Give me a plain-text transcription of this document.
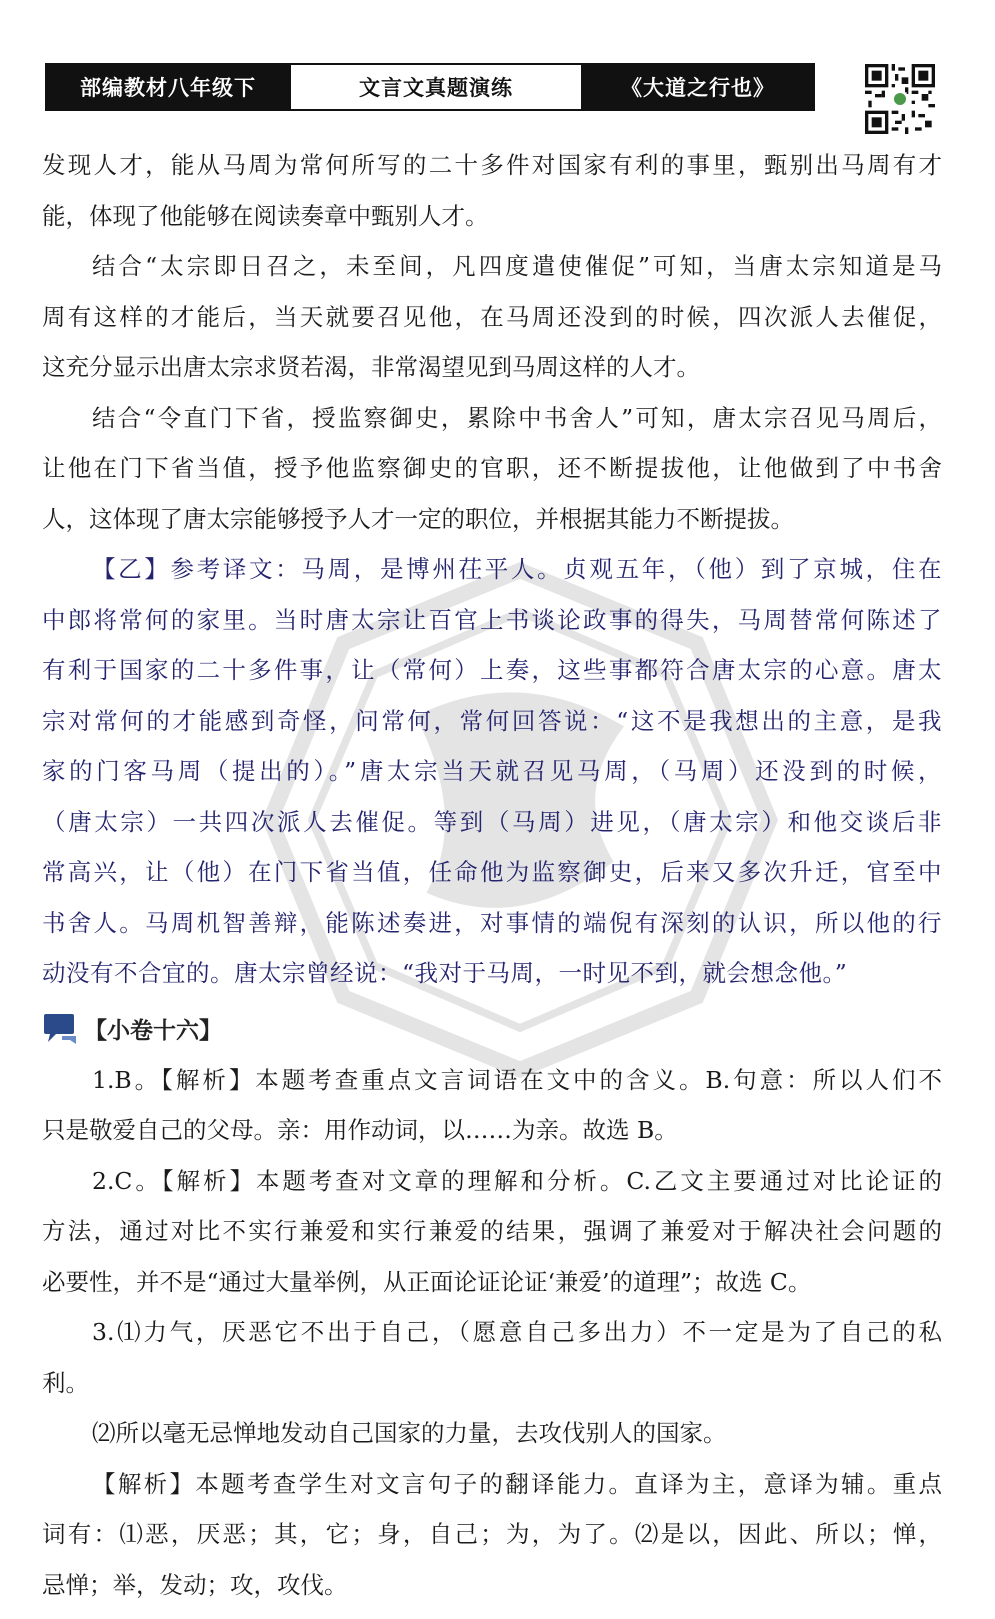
部编教材八年级下	文言文真题演练	《大道之行也》
发现人才，能从马周为常何所写的二十多件对国家有利的事里，甄别出马周有才
能，体现了他能够在阅读奏章中甄别人才。
结合“太宗即日召之，未至间，凡四度遣使催促”可知，当唐太宗知道是马
周有这样的才能后，当天就要召见他，在马周还没到的时候，四次派人去催促，
这充分显示出唐太宗求贤若渴，非常渴望见到马周这样的人才。
结合“令直门下省，授监察御史，累除中书舍人”可知，唐太宗召见马周后，
让他在门下省当值，授予他监察御史的官职，还不断提拔他，让他做到了中书舍
人，这体现了唐太宗能够授予人才一定的职位，并根据其能力不断提拔。
【乙】参考译文：马周，是博州茌平人。贞观五年，（他）到了京城，住在
中郎将常何的家里。当时唐太宗让百官上书谈论政事的得失，马周替常何陈述了
有利于国家的二十多件事，让（常何）上奏，这些事都符合唐太宗的心意。唐太
宗对常何的才能感到奇怪，问常何，常何回答说：“这不是我想出的主意，是我
家的门客马周（提出的）。”唐太宗当天就召见马周，（马周）还没到的时候，
（唐太宗）一共四次派人去催促。等到（马周）进见，（唐太宗）和他交谈后非
常高兴，让（他）在门下省当值，任命他为监察御史，后来又多次升迁，官至中
书舍人。马周机智善辩，能陈述奏进，对事情的端倪有深刻的认识，所以他的行
动没有不合宜的。唐太宗曾经说：“我对于马周，一时见不到，就会想念他。”
【小卷十六】
1.B。【解析】本题考查重点文言词语在文中的含义。B.句意：所以人们不
只是敬爱自己的父母。亲：用作动词，以……为亲。故选 B。
2.C。【解析】本题考查对文章的理解和分析。C.乙文主要通过对比论证的
方法，通过对比不实行兼爱和实行兼爱的结果，强调了兼爱对于解决社会问题的
必要性，并不是“通过大量举例，从正面论证论证‘兼爱’的道理”；故选 C。
3.⑴力气，厌恶它不出于自己，（愿意自己多出力）不一定是为了自己的私
利。
⑵所以毫无忌惮地发动自己国家的力量，去攻伐别人的国家。
【解析】本题考查学生对文言句子的翻译能力。直译为主，意译为辅。重点
词有：⑴恶，厌恶；其，它；身，自己；为，为了。⑵是以，因此、所以；惮，
忌惮；举，发动；攻，攻伐。
